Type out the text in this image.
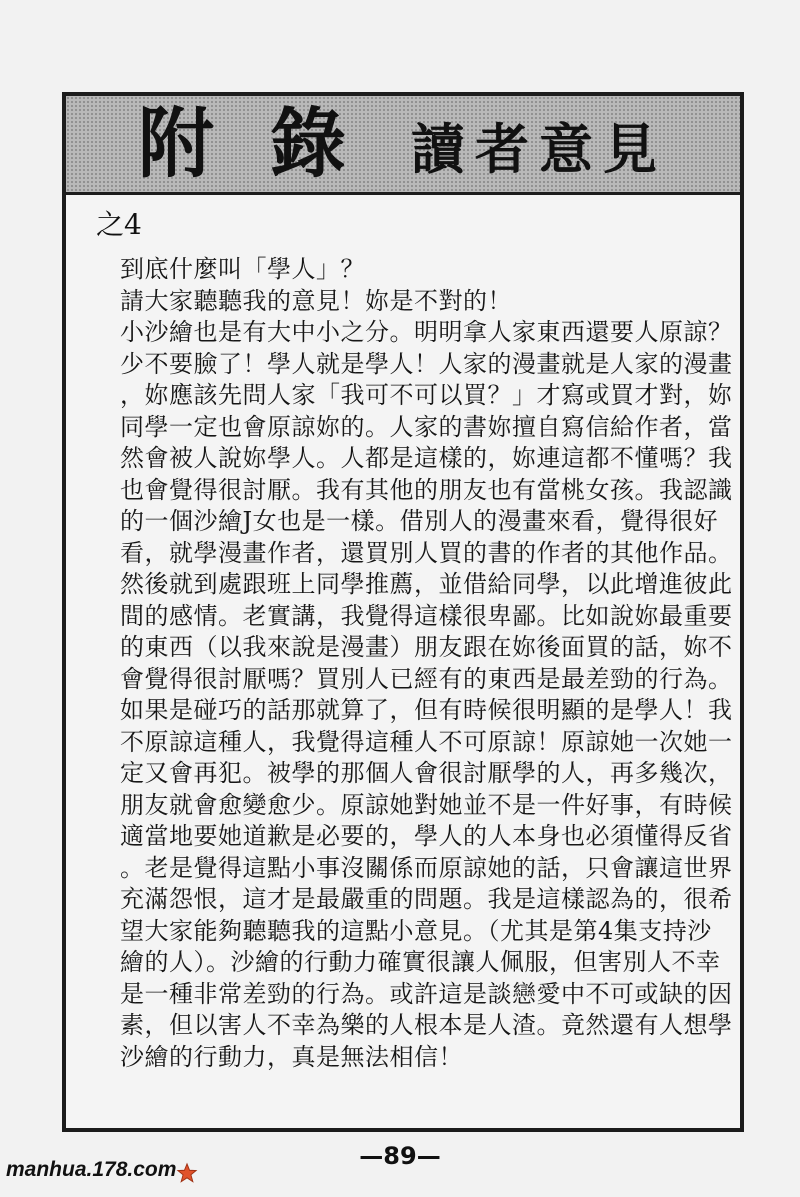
附錄 讀者意見
之4
到底什麼叫「學人」？
請大家聽聽我的意見！妳是不對的！
小沙繪也是有大中小之分。明明拿人家東西還要人原諒？
少不要臉了！學人就是學人！人家的漫畫就是人家的漫畫
，妳應該先問人家「我可不可以買？」才寫或買才對，妳
同學一定也會原諒妳的。人家的書妳擅自寫信給作者，當
然會被人說妳學人。人都是這樣的，妳連這都不懂嗎？我
也會覺得很討厭。我有其他的朋友也有當桃女孩。我認識
的一個沙繪J女也是一樣。借別人的漫畫來看，覺得很好
看，就學漫畫作者，還買別人買的書的作者的其他作品。
然後就到處跟班上同學推薦，並借給同學，以此增進彼此
間的感情。老實講，我覺得這樣很卑鄙。比如說妳最重要
的東西（以我來說是漫畫）朋友跟在妳後面買的話，妳不
會覺得很討厭嗎？買別人已經有的東西是最差勁的行為。
如果是碰巧的話那就算了，但有時候很明顯的是學人！我
不原諒這種人，我覺得這種人不可原諒！原諒她一次她一
定又會再犯。被學的那個人會很討厭學的人，再多幾次，
朋友就會愈變愈少。原諒她對她並不是一件好事，有時候
適當地要她道歉是必要的，學人的人本身也必須懂得反省
。老是覺得這點小事沒關係而原諒她的話，只會讓這世界
充滿怨恨，這才是最嚴重的問題。我是這樣認為的，很希
望大家能夠聽聽我的這點小意見。（尤其是第4集支持沙
繪的人）。沙繪的行動力確實很讓人佩服，但害別人不幸
是一種非常差勁的行為。或許這是談戀愛中不可或缺的因
素，但以害人不幸為樂的人根本是人渣。竟然還有人想學
沙繪的行動力，真是無法相信！
—89—
manhua.178.com
